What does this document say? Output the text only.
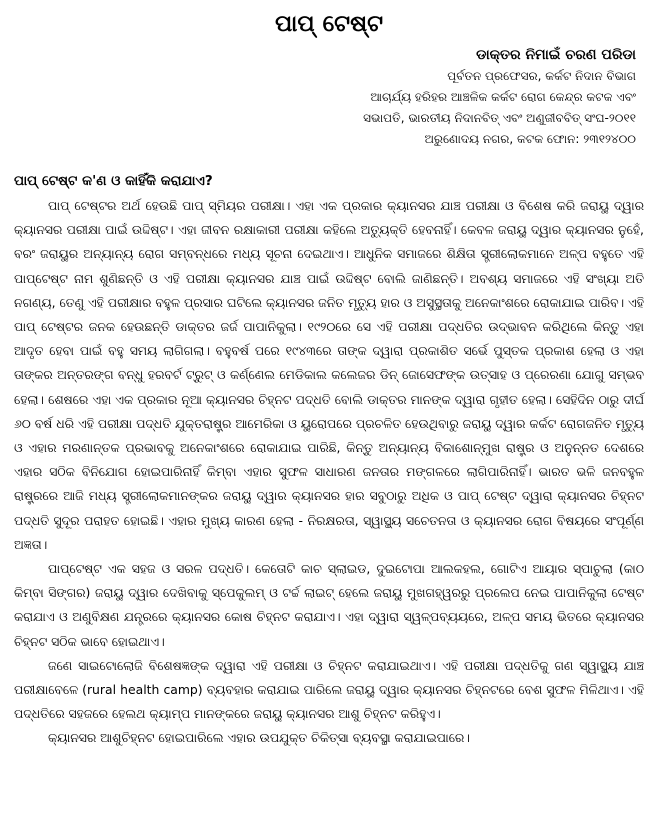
ପାପ୍ ଟେଷ୍ଟ
ଡାକ୍ତର ନିମାଇଁ ଚରଣ ପରିଡା
ପୂର୍ବତନ ପ୍ରଫେସର, କର୍କଟ ନିଦାନ ବିଭାଗ
ଆଚାର୍ଯ୍ୟ ହରିହର ଆଞ୍ଚଳିକ କର୍କଟ ରୋଗ କେନ୍ଦ୍ର କଟକ ଏବଂ
ସଭାପତି, ଭାରତୀୟ ନିଦାନବିତ୍ ଏବଂ ଅଣୁଜୀବବିତ୍ ସଂଘ-୨୦୧୧
ଅରୁଣୋଦୟ ନଗର, କଟକ ଫୋନ: ୨୩୧୨୪୦୦
ପାପ୍ ଟେଷ୍ଟ କ'ଣ ଓ କାହିଁକି କରାଯାଏ?

ପାପ୍ ଟେଷ୍ଟର ଅର୍ଥ ହେଉଛି ପାପ୍ ସ୍ମିୟର ପରୀକ୍ଷା। ଏହା ଏକ ପ୍ରକାର କ୍ୟାନସର ଯାଞ୍ଚ ପରୀକ୍ଷା ଓ ବିଶେଷ କରି ଜରାୟୁ ଦ୍ୱାର କ୍ୟାନସର ପରୀକ୍ଷା ପାଇଁ ଉଦ୍ଦିଷ୍ଟ। ଏହା ଜୀବନ ରକ୍ଷାକାରୀ ପରୀକ୍ଷା କହିଲେ ଅତ୍ୟୁକ୍ତି ହେବନାହିଁ। କେବଳ ଜରାୟୁ ଦ୍ୱାର କ୍ୟାନସର ନୁହେଁ, ବରଂ ଜରାୟୁର ଅନ୍ୟାନ୍ୟ ରୋଗ ସମ୍ବନ୍ଧରେ ମଧ୍ୟ ସୂଚନା ଦେଇଥାଏ। ଆଧୁନିକ ସମାଜରେ ଶିକ୍ଷିତା ସ୍ତ୍ରୀଲୋକମାନେ ଅଳ୍ପ ବହୁତେ ଏହି ପାପ୍‌ଟେଷ୍ଟ ନାମ ଶୁଣିଛନ୍ତି ଓ ଏହି ପରୀକ୍ଷା କ୍ୟାନସର ଯାଞ୍ଚ ପାଇଁ ଉଦ୍ଦିଷ୍ଟ ବୋଲି ଜାଣିଛନ୍ତି। ଅବଶ୍ୟ ସମାଜରେ ଏହି ସଂଖ୍ୟା ଅତି ନଗଣ୍ୟ, ତେଣୁ ଏହି ପରୀକ୍ଷାର ବହୁଳ ପ୍ରସାର ଘଟିଲେ କ୍ୟାନସର ଜନିତ ମୃତ୍ୟୁ ହାର ଓ ଅସୁସ୍ଥତାକୁ ଅନେକାଂଶରେ ରୋକାଯାଇ ପାରିବ। ଏହି ପାପ୍ ଟେଷ୍ଟର ଜନକ ହେଉଛନ୍ତି ଡାକ୍ତର ଜର୍ଜ ପାପାନିକୁଲା। ୧୯୨୦ରେ ସେ ଏହି ପରୀକ୍ଷା ପଦ୍ଧତିର ଉଦ୍ଭାବନ କରିଥିଲେ କିନ୍ତୁ ଏହା ଆଦୃତ ହେବା ପାଇଁ ବହୁ ସମୟ ଲାଗିଗଲା। ବହୁବର୍ଷ ପରେ ୧୯୪୩ରେ ତାଙ୍କ ଦ୍ୱାରା ପ୍ରକାଶିତ ସର୍ଭେ ପୁସ୍ତକ ପ୍ରକାଶ ହେଲା ଓ ଏହା ତାଙ୍କର ଅନ୍ତରଙ୍ଗ ବନ୍ଧୁ ହରବର୍ଟ ଟ୍ରୁଟ୍ ଓ କର୍ଣ୍ଣେଲ ମେଡିକାଲ କଲେଜର ଡିନ୍ ଜୋସେଫଙ୍କ ଉତ୍ସାହ ଓ ପ୍ରେରଣା ଯୋଗୁ ସମ୍ଭବ ହେଲା। ଶେଷରେ ଏହା ଏକ ପ୍ରକାର ନୂଆ କ୍ୟାନସର ଚିହ୍ନଟ ପଦ୍ଧତି ବୋଲି ଡାକ୍ତର ମାନଙ୍କ ଦ୍ୱାରା ଗୃହୀତ ହେଲା। ସେହିଦିନ ଠାରୁ ଦୀର୍ଘ ୬୦ ବର୍ଷ ଧରି ଏହି ପରୀକ୍ଷା ପଦ୍ଧତି ଯୁକ୍ତରାଷ୍ଟ୍ର ଆମେରିକା ଓ ୟୁରୋପରେ ପ୍ରଚଳିତ ହେଉଥିବାରୁ ଜରାୟୁ ଦ୍ୱାର କର୍କଟ ରୋଗଜନିତ ମୃତ୍ୟୁ ଓ ଏହାର ମରଣାନ୍ତକ ପ୍ରଭାବକୁ ଅନେକାଂଶରେ ରୋକାଯାଇ ପାରିଛି, କିନ୍ତୁ ଅନ୍ୟାନ୍ୟ ବିକାଶୋନ୍ମୁଖ ରାଷ୍ଟ୍ର ଓ ଅନୁନ୍ନତ ଦେଶରେ ଏହାର ସଠିକ ବିନିଯୋଗ ହୋଇପାରିନାହିଁ କିମ୍ବା ଏହାର ସୁଫଳ ସାଧାରଣ ଜନତାର ମଙ୍ଗଳରେ ଲାଗିପାରିନାହିଁ। ଭାରତ ଭଳି ଜନବହୁଳ ରାଷ୍ଟ୍ରରେ ଆଜି ମଧ୍ୟ ସ୍ତ୍ରୀଲୋକମାନଙ୍କର ଜରାୟୁ ଦ୍ୱାର କ୍ୟାନସର ହାର ସବୁଠାରୁ ଅଧିକ ଓ ପାପ୍ ଟେଷ୍ଟ ଦ୍ୱାରା କ୍ୟାନସର ଚିହ୍ନଟ ପଦ୍ଧତି ସୁଦୂର ପରାହତ ହୋଇଛି। ଏହାର ମୁଖ୍ୟ କାରଣ ହେଲା - ନିରକ୍ଷରତା, ସ୍ୱାସ୍ଥ୍ୟ ସଚେତନତା ଓ କ୍ୟାନସର ରୋଗ ବିଷୟରେ ସଂପୂର୍ଣ୍ଣ ଅଜ୍ଞତା।

ପାପ୍‌ଟେଷ୍ଟ ଏକ ସହଜ ଓ ସରଳ ପଦ୍ଧତି। କେତୋଟି କାଚ ସ୍ଲାଇଡ, ଦୁଇଟୋପା ଆଲକହଲ, ଗୋଟିଏ ଆୟାର ସ୍ପାଚୁଲା (କାଠ କିମ୍ବା ସିଙ୍ଗର) ଜରାୟୁ ଦ୍ୱାର ଦେଖିବାକୁ ସ୍ପେକୁଲମ୍ ଓ ଟର୍ଚ୍ଚ ଲାଇଟ୍ ହେଲେ ଜରାୟୁ ମୁଖଗହ୍ୱରରୁ ପ୍ରଲେପ ନେଇ ପାପାନିକୁଲା ଟେଷ୍ଟ କରାଯାଏ ଓ ଅଣୁବିକ୍ଷଣ ଯନ୍ତ୍ରରେ କ୍ୟାନସର କୋଷ ଚିହ୍ନଟ କରାଯାଏ। ଏହା ଦ୍ୱାରା ସ୍ୱଳ୍ପବ୍ୟୟରେ, ଅଳ୍ପ ସମୟ ଭିତରେ କ୍ୟାନସର ଚିହ୍ନଟ ସଠିକ ଭାବେ ହୋଇଥାଏ।

ଜଣେ ସାଇଟୋଲୋଜି ବିଶେଷଜ୍ଞଙ୍କ ଦ୍ୱାରା ଏହି ପରୀକ୍ଷା ଓ ଚିହ୍ନଟ କରାଯାଇଥାଏ। ଏହି ପରୀକ୍ଷା ପଦ୍ଧତିକୁ ଗଣ ସ୍ୱାସ୍ଥ୍ୟ ଯାଞ୍ଚ ପରୀକ୍ଷାବେଳେ (rural health camp) ବ୍ୟବହାର କରାଯାଇ ପାରିଲେ ଜରାୟୁ ଦ୍ୱାର କ୍ୟାନସର ଚିହ୍ନଟରେ ବେଶ ସୁଫଳ ମିଳିଥାଏ। ଏହି ପଦ୍ଧତିରେ ସହଜରେ ହେଲଥ କ୍ୟାମ୍ପ ମାନଙ୍କରେ ଜରାୟୁ କ୍ୟାନସର ଆଶୁ ଚିହ୍ନଟ କରିହୁଏ।

କ୍ୟାନସର ଆଶୁଚିହ୍ନଟ ହୋଇପାରିଲେ ଏହାର ଉପଯୁକ୍ତ ଚିକିତ୍ସା ବ୍ୟବସ୍ଥା କରାଯାଇପାରେ।
